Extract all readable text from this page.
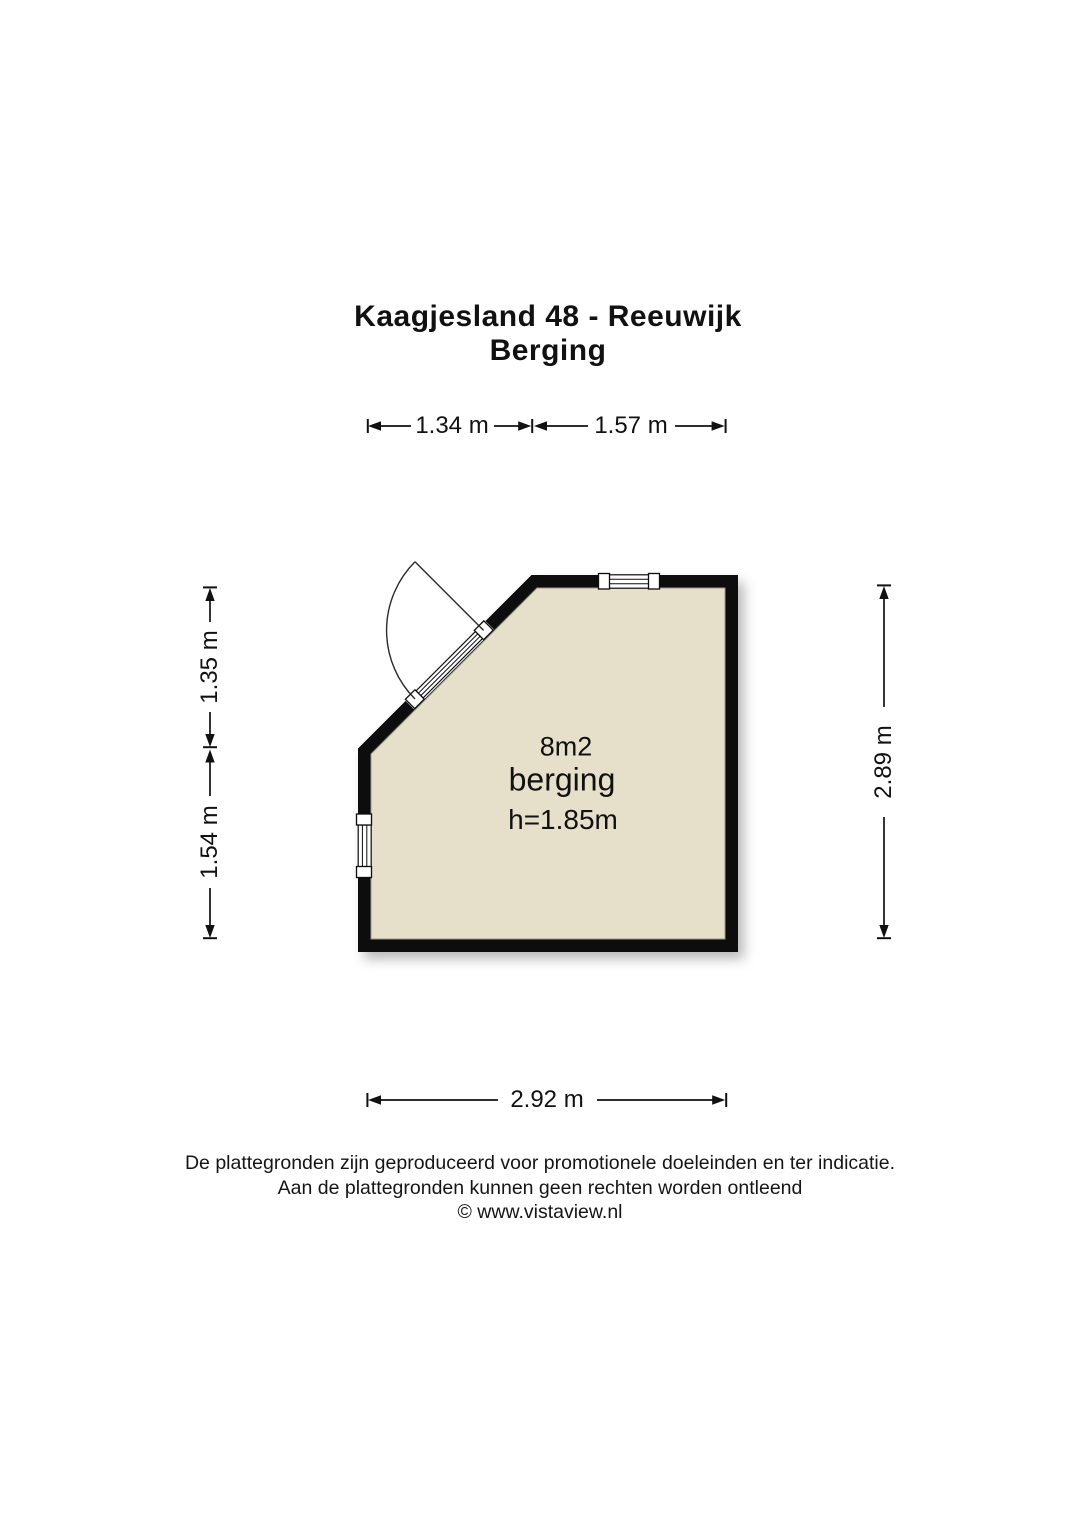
Kaagjesland 48 - Reeuwijk
Berging
1.34 m	1.57 m
1.35 m
1.54 m
2.89 m
2.92 m
8m2
berging
h=1.85m
De plattegronden zijn geproduceerd voor promotionele doeleinden en ter indicatie.
Aan de plattegronden kunnen geen rechten worden ontleend
© www.vistaview.nl
